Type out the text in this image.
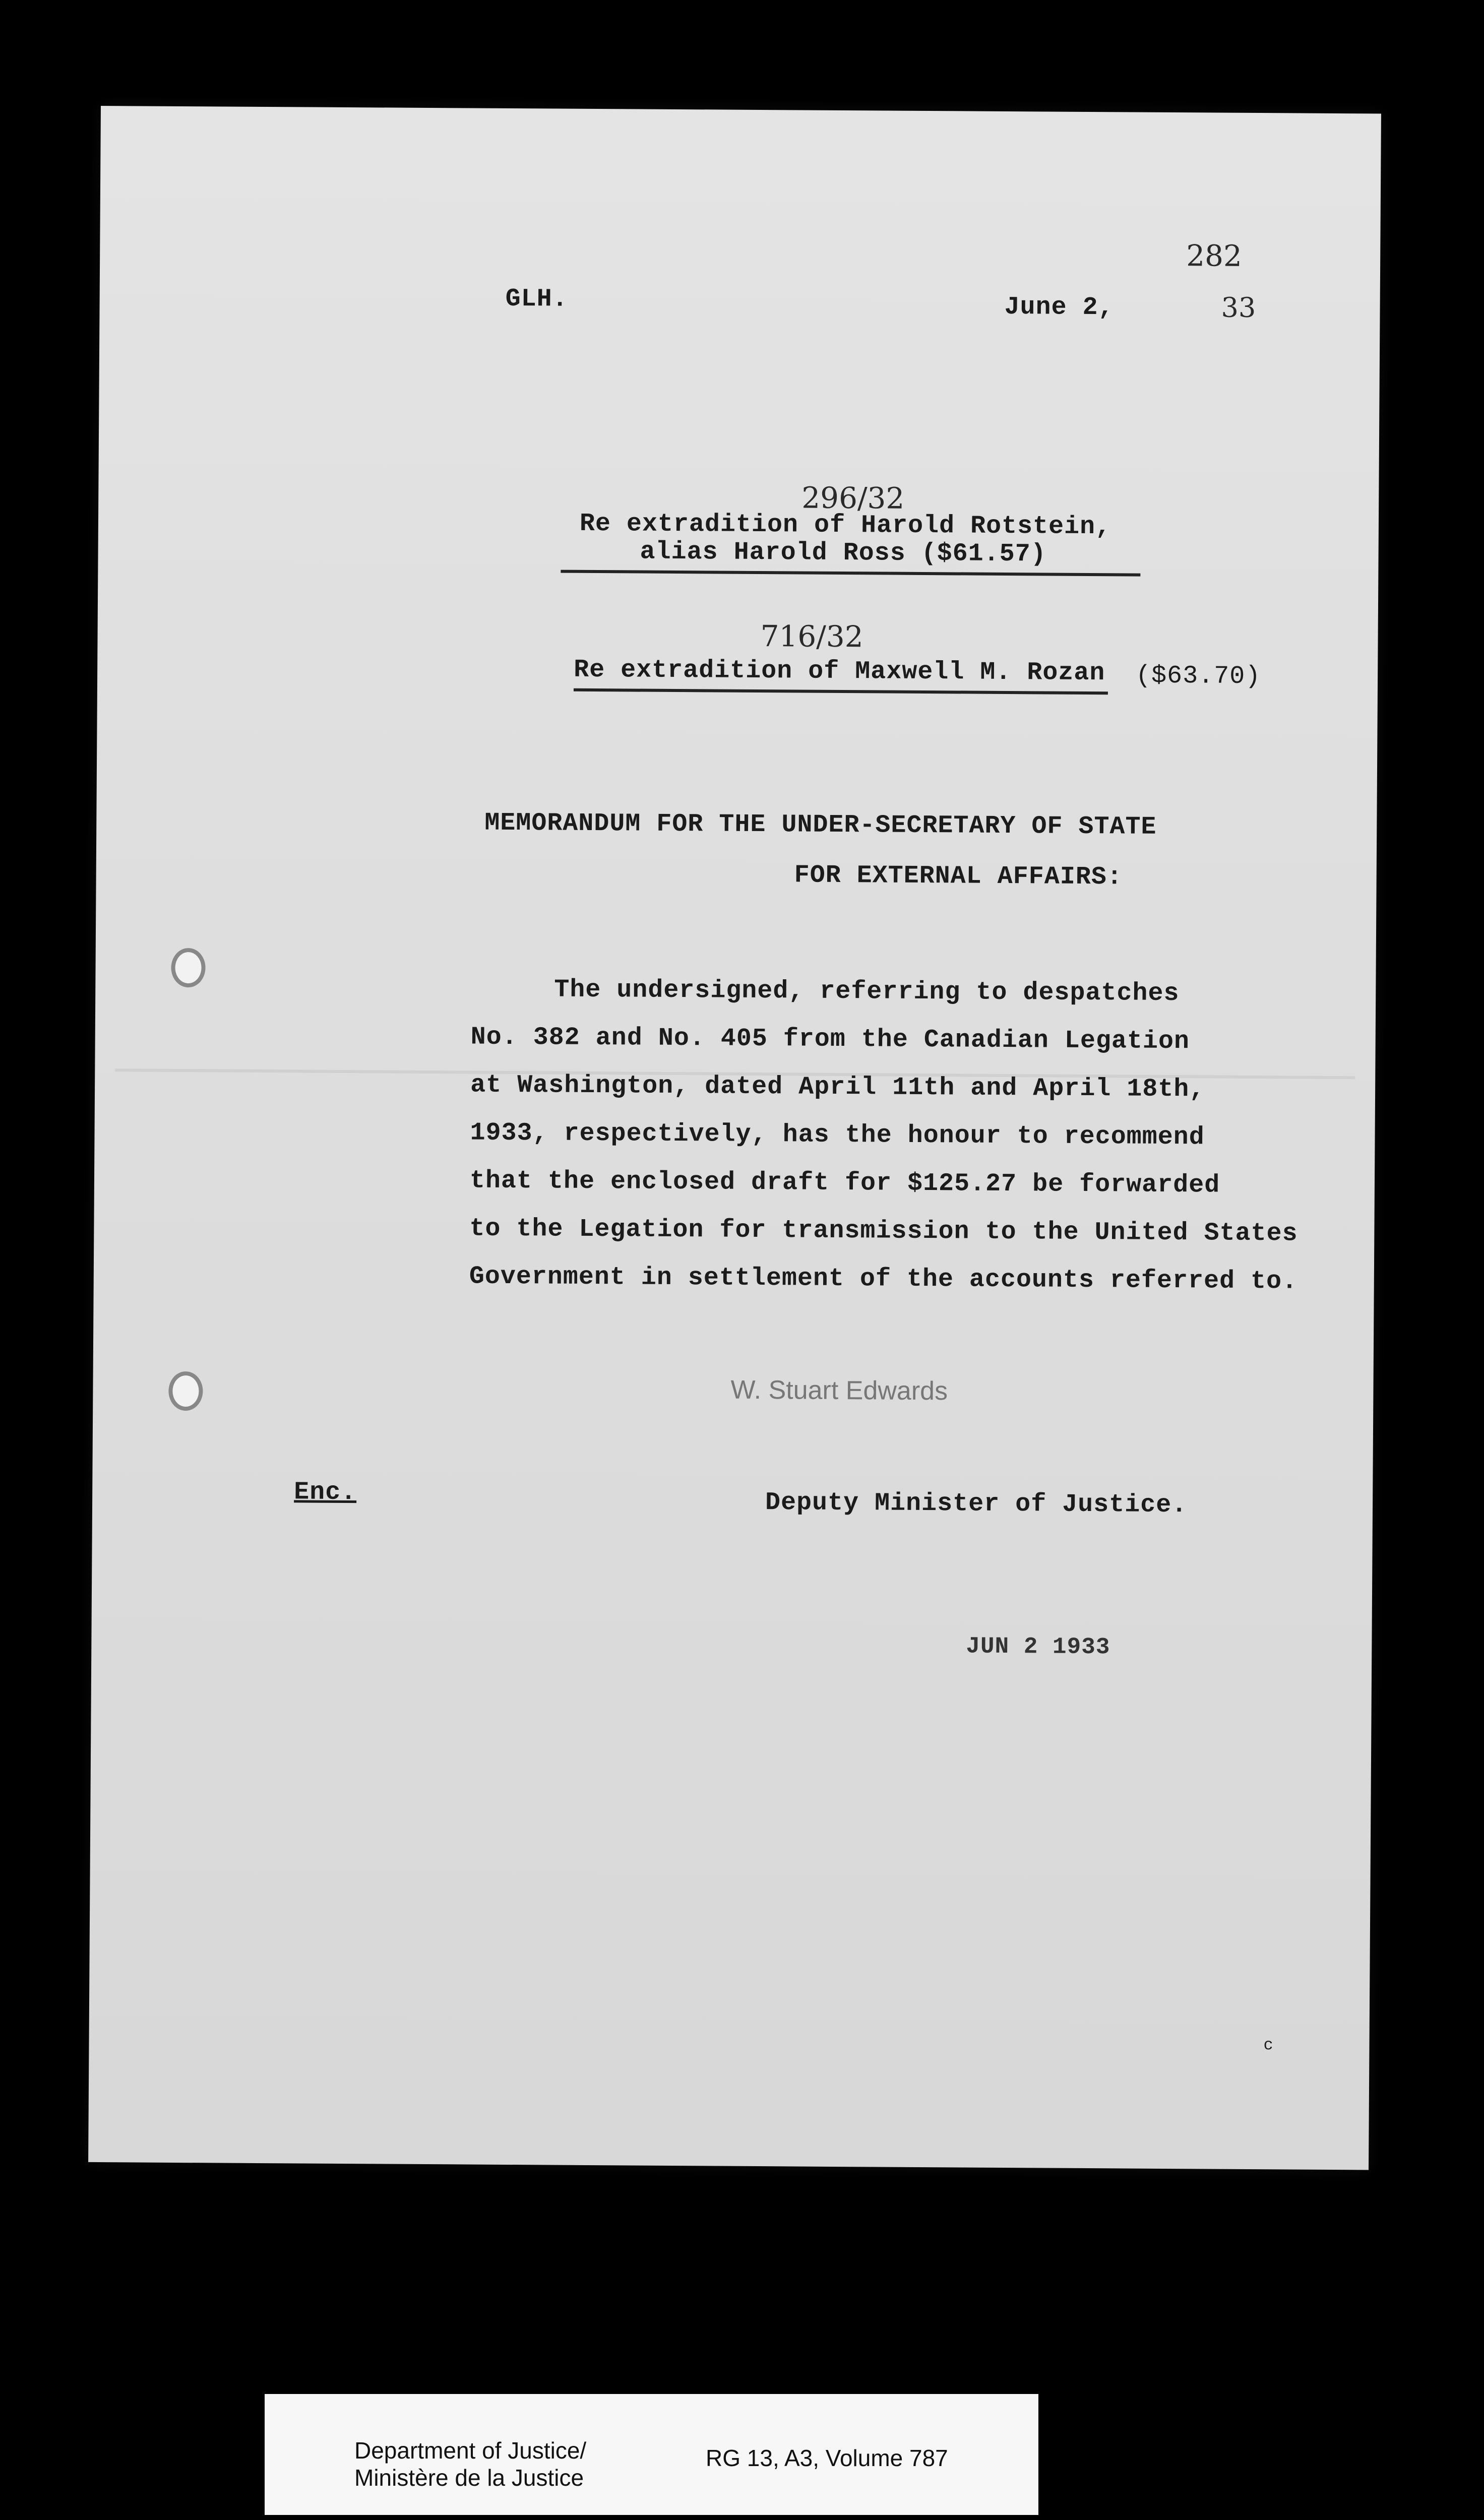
282
GLH.	June 2,	33
296/32
Re extradition of Harold Rotstein,
alias Harold Ross ($61.57)
716/32
Re extradition of Maxwell M. Rozan ($63.70)
MEMORANDUM FOR THE UNDER-SECRETARY OF STATE
FOR EXTERNAL AFFAIRS:
The undersigned, referring to despatches
No. 382 and No. 405 from the Canadian Legation
at Washington, dated April 11th and April 18th,
1933, respectively, has the honour to recommend
that the enclosed draft for $125.27 be forwarded
to the Legation for transmission to the United States
Government in settlement of the accounts referred to.
W. Stuart Edwards
Enc.	Deputy Minister of Justice.
JUN 2 1933
c
Department of Justice/
Ministère de la Justice
RG 13, A3, Volume 787
